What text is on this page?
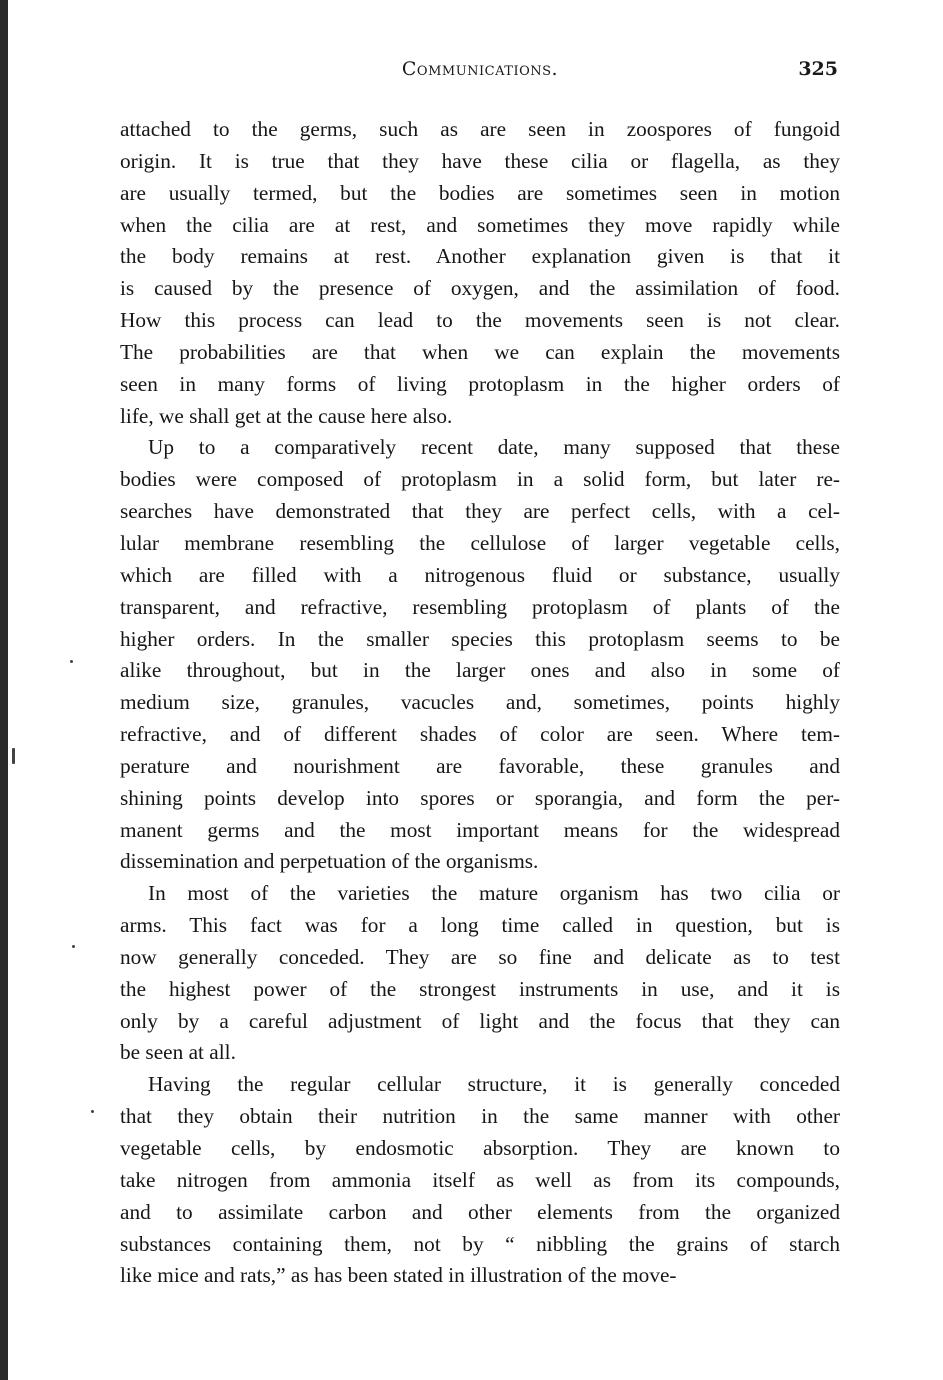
Communications.	325
attached to the germs, such as are seen in zoospores of fungoid
origin. It is true that they have these cilia or flagella, as they
are usually termed, but the bodies are sometimes seen in motion
when the cilia are at rest, and sometimes they move rapidly while
the body remains at rest. Another explanation given is that it
is caused by the presence of oxygen, and the assimilation of food.
How this process can lead to the movements seen is not clear.
The probabilities are that when we can explain the movements
seen in many forms of living protoplasm in the higher orders of
life, we shall get at the cause here also.
Up to a comparatively recent date, many supposed that these
bodies were composed of protoplasm in a solid form, but later re-
searches have demonstrated that they are perfect cells, with a cel-
lular membrane resembling the cellulose of larger vegetable cells,
which are filled with a nitrogenous fluid or substance, usually
transparent, and refractive, resembling protoplasm of plants of the
higher orders. In the smaller species this protoplasm seems to be
alike throughout, but in the larger ones and also in some of
medium size, granules, vacucles and, sometimes, points highly
refractive, and of different shades of color are seen. Where tem-
perature and nourishment are favorable, these granules and
shining points develop into spores or sporangia, and form the per-
manent germs and the most important means for the widespread
dissemination and perpetuation of the organisms.
In most of the varieties the mature organism has two cilia or
arms. This fact was for a long time called in question, but is
now generally conceded. They are so fine and delicate as to test
the highest power of the strongest instruments in use, and it is
only by a careful adjustment of light and the focus that they can
be seen at all.
Having the regular cellular structure, it is generally conceded
that they obtain their nutrition in the same manner with other
vegetable cells, by endosmotic absorption. They are known to
take nitrogen from ammonia itself as well as from its compounds,
and to assimilate carbon and other elements from the organized
substances containing them, not by “ nibbling the grains of starch
like mice and rats,” as has been stated in illustration of the move-
